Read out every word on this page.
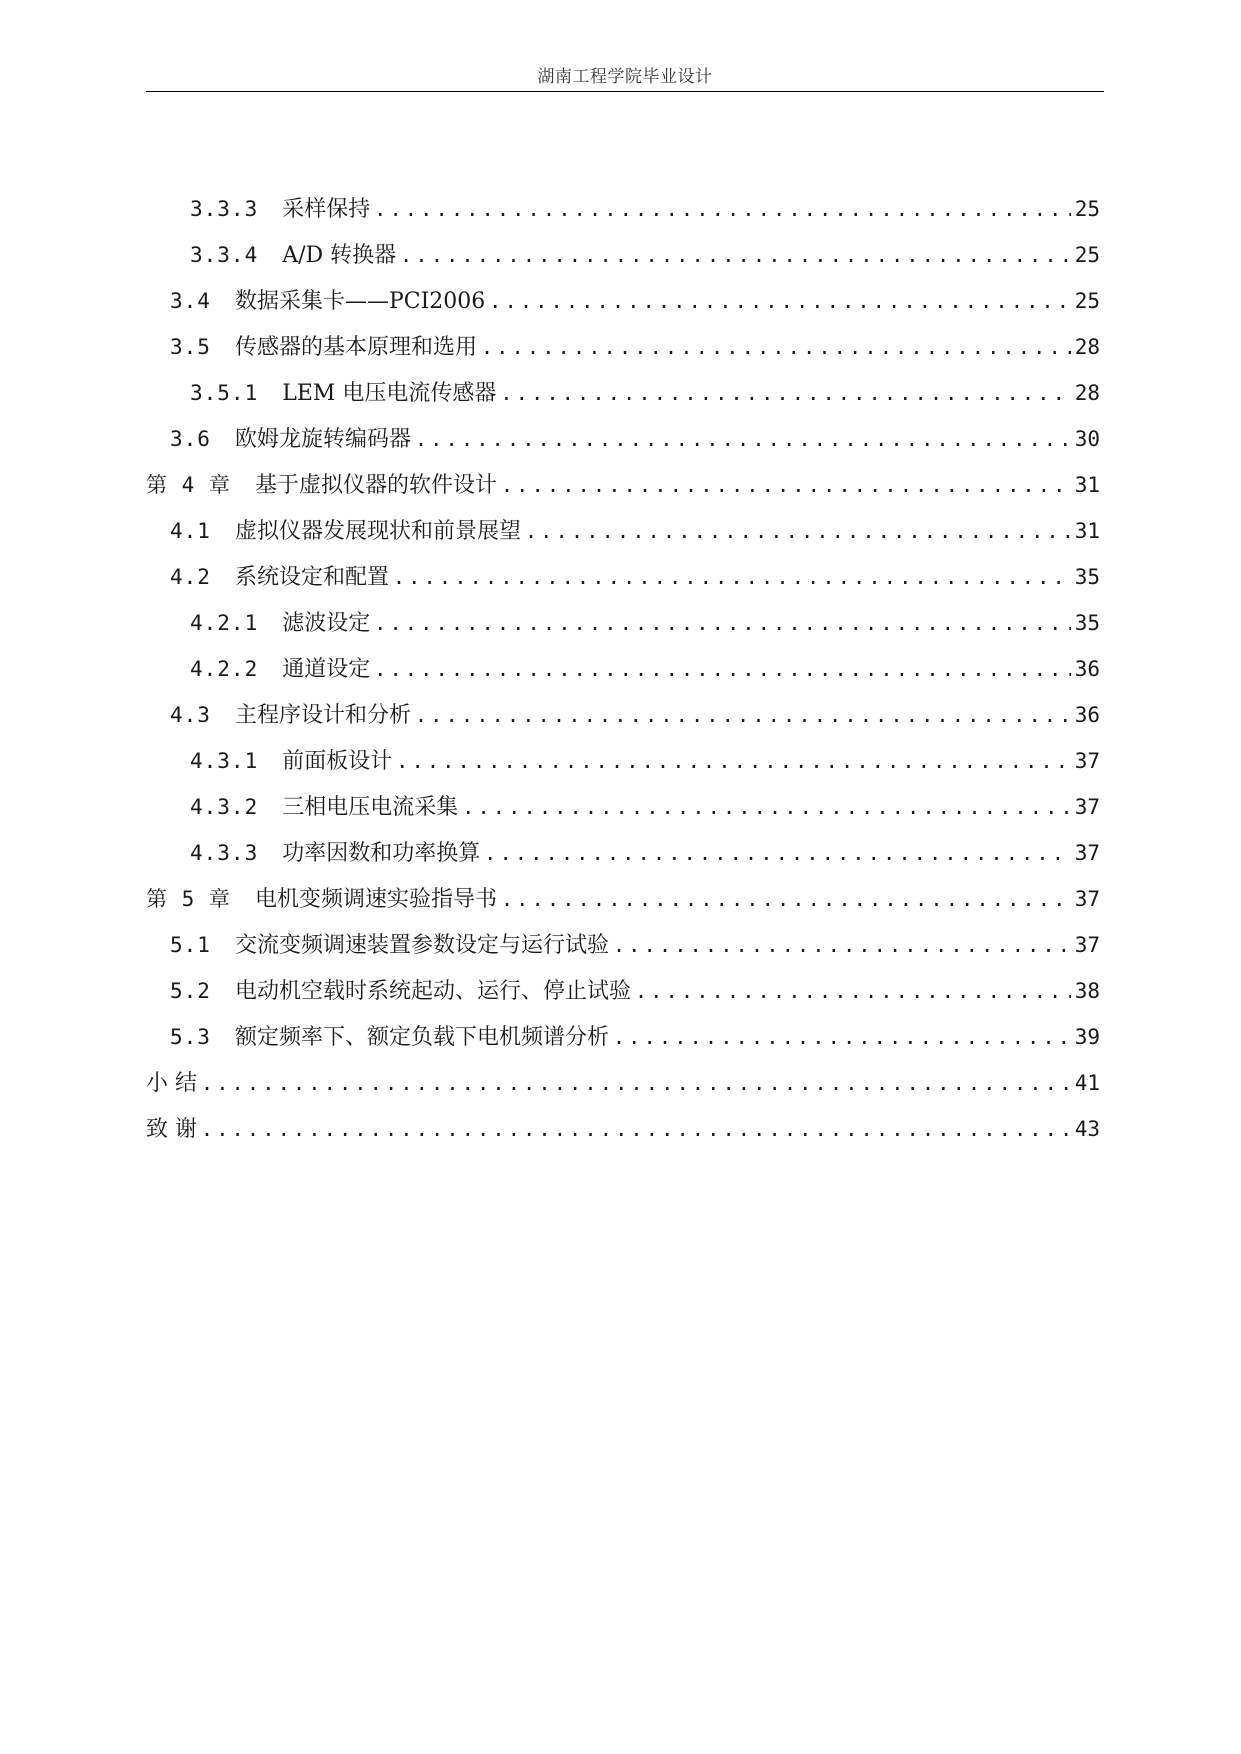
湖南工程学院毕业设计
3.3.3 采样保持 .....	25
3.3.4 A/D 转换器 .....	25
3.4 数据采集卡——PCI2006 .....	25
3.5 传感器的基本原理和选用 .....	28
3.5.1 LEM 电压电流传感器 .....	28
3.6 欧姆龙旋转编码器 .....	30
第 4 章 基于虚拟仪器的软件设计 .....	31
4.1 虚拟仪器发展现状和前景展望 .....	31
4.2 系统设定和配置 .....	35
4.2.1 滤波设定 .....	35
4.2.2 通道设定 .....	36
4.3 主程序设计和分析 .....	36
4.3.1 前面板设计 .....	37
4.3.2 三相电压电流采集 .....	37
4.3.3 功率因数和功率换算 .....	37
第 5 章 电机变频调速实验指导书 .....	37
5.1 交流变频调速装置参数设定与运行试验 .....	37
5.2 电动机空载时系统起动、运行、停止试验 .....	38
5.3 额定频率下、额定负载下电机频谱分析 .....	39
小 结 .....	41
致 谢 .....	43
